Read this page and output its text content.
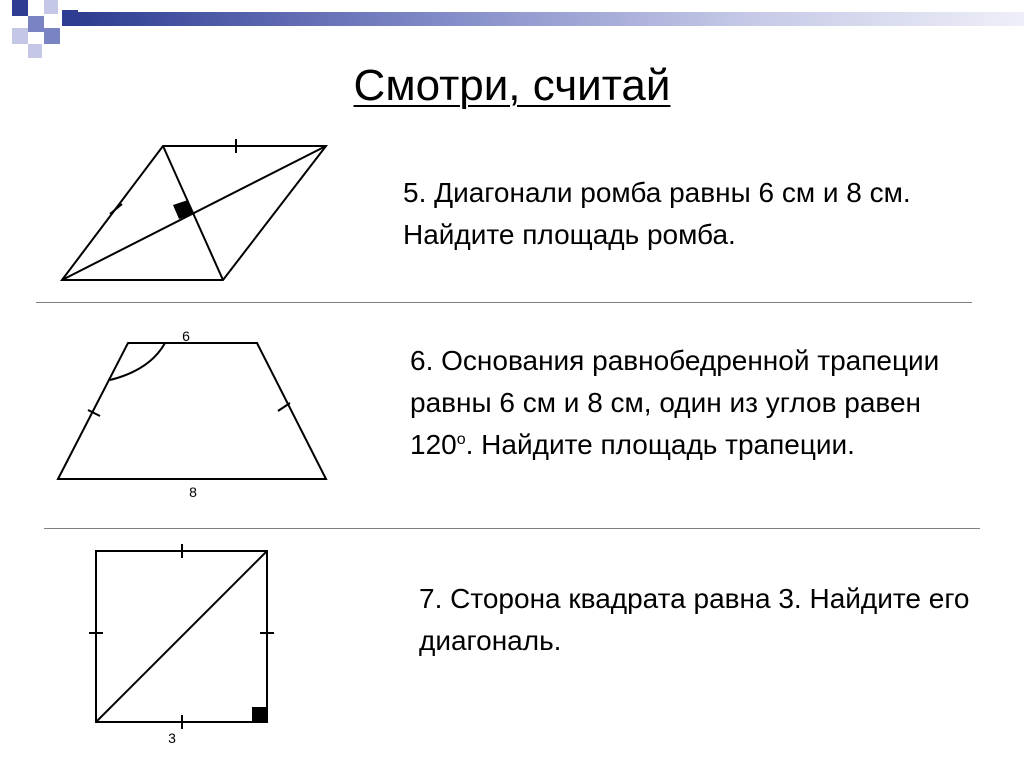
Смотри, считай

5. Диагонали ромба равны 6 см и 8 см. Найдите площадь ромба.

6
8

6. Основания равнобедренной трапеции равны 6 см и 8 см, один из углов равен $120^о$. Найдите площадь трапеции.

3

7. Сторона квадрата равна 3. Найдите его диагональ.
